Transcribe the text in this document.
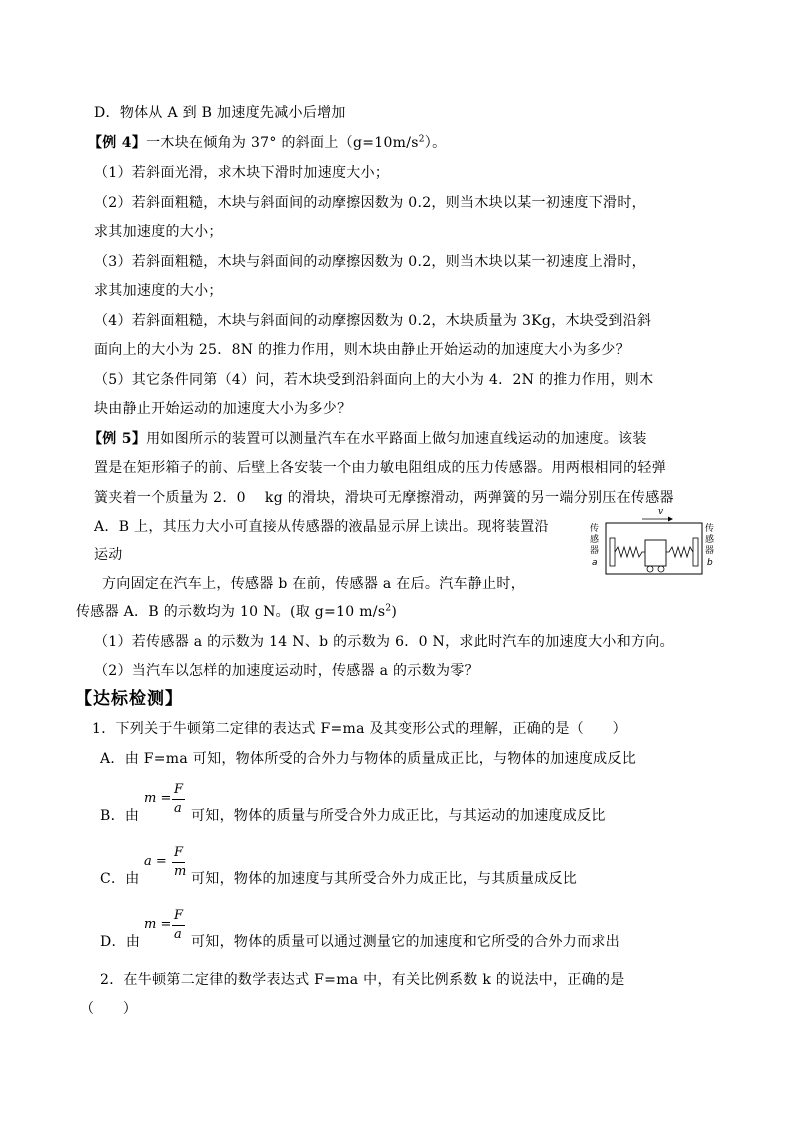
D．物体从 A 到 B 加速度先减小后增加
【例 4】一木块在倾角为 37° 的斜面上$(g=10m/s^2)$。
（1）若斜面光滑，求木块下滑时加速度大小；
（2）若斜面粗糙，木块与斜面间的动摩擦因数为 0.2，则当木块以某一初速度下滑时，
求其加速度的大小；
（3）若斜面粗糙，木块与斜面间的动摩擦因数为 0.2，则当木块以某一初速度上滑时，
求其加速度的大小；
（4）若斜面粗糙，木块与斜面间的动摩擦因数为 0.2，木块质量为 3Kg，木块受到沿斜
面向上的大小为 25．8N 的推力作用，则木块由静止开始运动的加速度大小为多少？
（5）其它条件同第（4）问，若木块受到沿斜面向上的大小为 4．2N 的推力作用，则木
块由静止开始运动的加速度大小为多少？
【例 5】用如图所示的装置可以测量汽车在水平路面上做匀加速直线运动的加速度。该装
置是在矩形箱子的前、后壁上各安装一个由力敏电阻组成的压力传感器。用两根相同的轻弹
簧夹着一个质量为 2．0　 kg 的滑块，滑块可无摩擦滑动，两弹簧的另一端分别压在传感器
A．B 上，其压力大小可直接从传感器的液晶显示屏上读出。现将装置沿
运动
方向固定在汽车上，传感器 b 在前，传感器 a 在后。汽车静止时，
传感器 A．B 的示数均为 10 N。(取 g=10 $m/s^2$)
（1）若传感器 a 的示数为 14 N、b 的示数为 6．0 N，求此时汽车的加速度大小和方向。
（2）当汽车以怎样的加速度运动时，传感器 a 的示数为零？
传
感
器
a
传
感
器
b
v
【达标检测】
1．下列关于牛顿第二定律的表达式 F=ma 及其变形公式的理解，正确的是（　　）
A．由 F=ma 可知，物体所受的合外力与物体的质量成正比，与物体的加速度成反比
B．由
m =
F
a 可知，物体的质量与所受合外力成正比，与其运动的加速度成反比
C．由
a =
F
m 可知，物体的加速度与其所受合外力成正比，与其质量成反比
D．由
m =
F
a 可知，物体的质量可以通过测量它的加速度和它所受的合外力而求出
2．在牛顿第二定律的数学表达式 F=ma 中，有关比例系数 k 的说法中，正确的是
（　　）
